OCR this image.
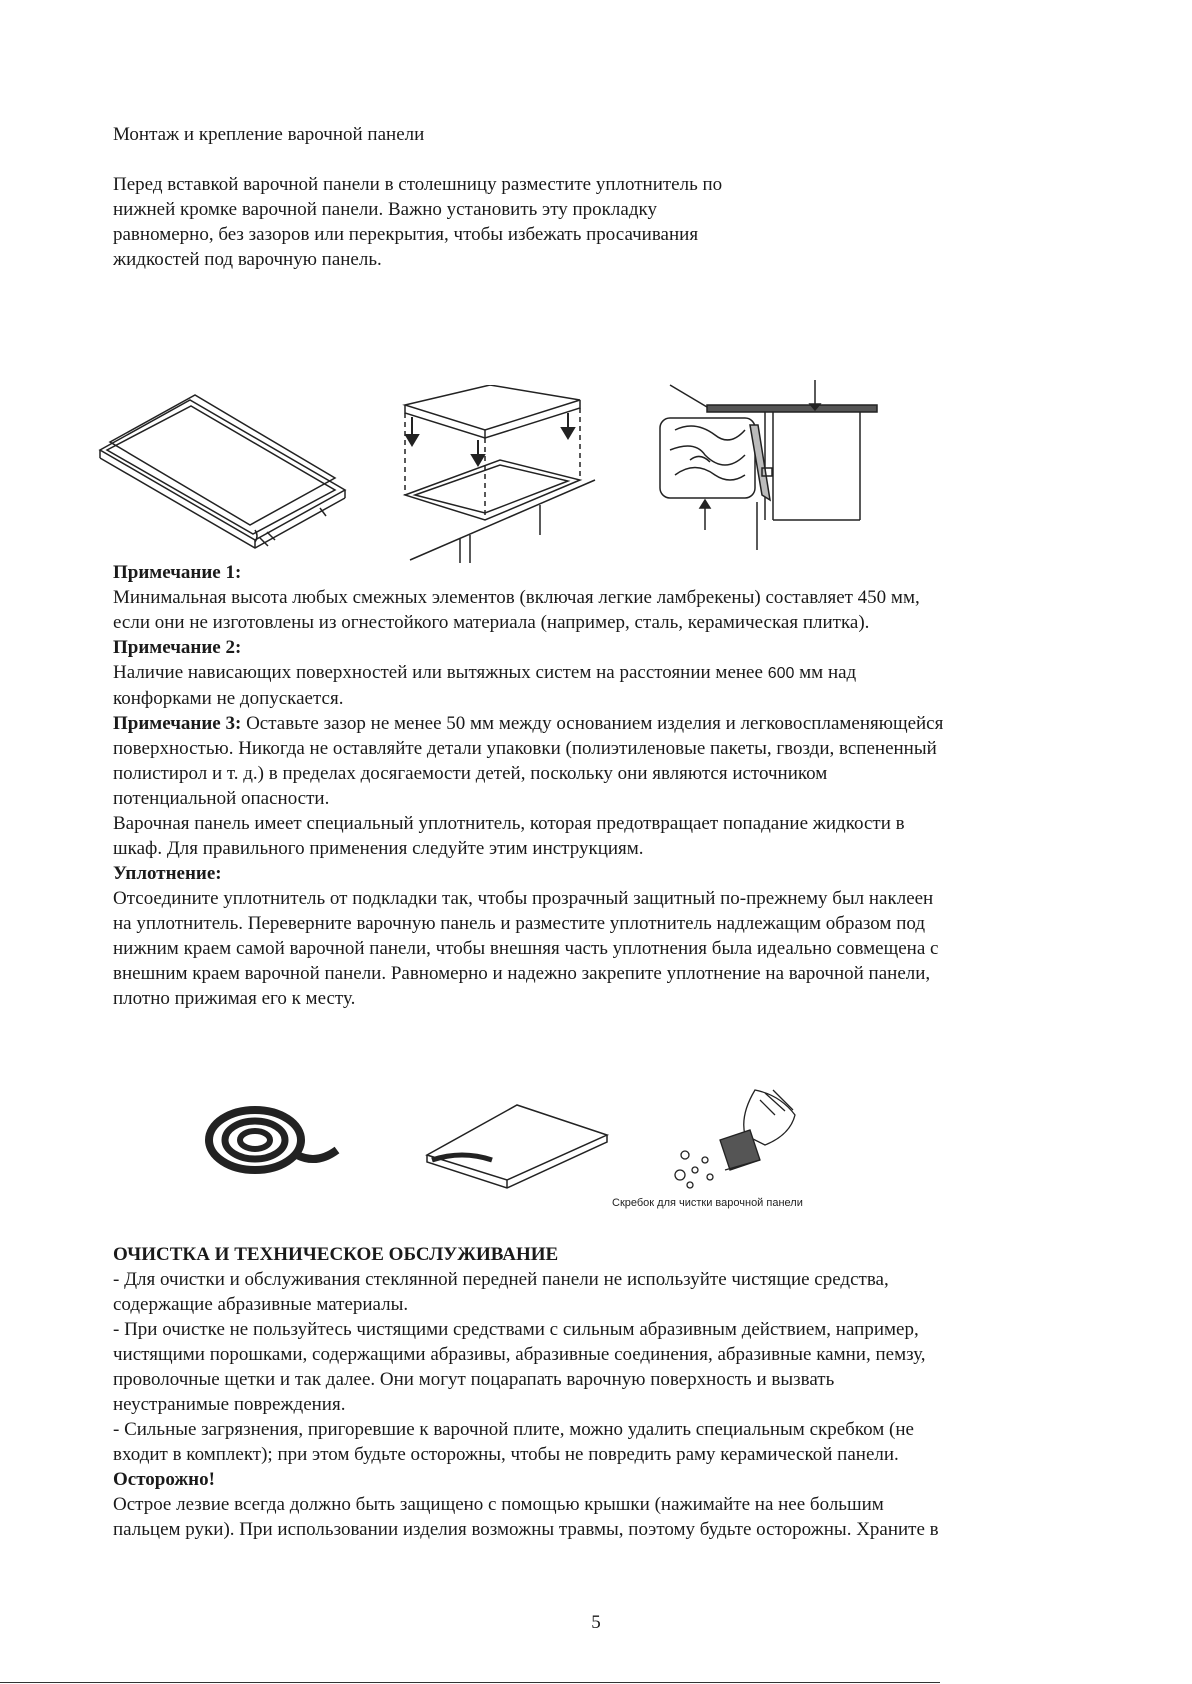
Монтаж и крепление варочной панели

Перед вставкой варочной панели в столешницу разместите уплотнитель по

нижней кромке варочной панели. Важно установить эту прокладку

равномерно, без зазоров или перекрытия, чтобы избежать просачивания

жидкостей под варочную панель.

Примечание 1:

Минимальная высота любых смежных элементов (включая легкие ламбрекены) составляет 450 мм,

если они не изготовлены из огнестойкого материала (например, сталь, керамическая плитка).

Примечание 2:

Наличие нависающих поверхностей или вытяжных систем на расстоянии менее 600 мм над

конфорками не допускается.

Примечание 3: Оставьте зазор не менее 50 мм между основанием изделия и легковоспламеняющейся

поверхностью. Никогда не оставляйте детали упаковки (полиэтиленовые пакеты, гвозди, вспененный

полистирол и т. д.) в пределах досягаемости детей, поскольку они являются источником

потенциальной опасности.

Варочная панель имеет специальный уплотнитель, которая предотвращает попадание жидкости в

шкаф. Для правильного применения следуйте этим инструкциям.

Уплотнение:

Отсоедините уплотнитель от подкладки так, чтобы прозрачный защитный по-прежнему был наклеен

на уплотнитель. Переверните варочную панель и разместите уплотнитель надлежащим образом под

нижним краем самой варочной панели, чтобы внешняя часть уплотнения была идеально совмещена с

внешним краем варочной панели. Равномерно и надежно закрепите уплотнение на варочной панели,

плотно прижимая его к месту.

Скребок для чистки варочной панели

ОЧИСТКА И ТЕХНИЧЕСКОЕ ОБСЛУЖИВАНИЕ

- Для очистки и обслуживания стеклянной передней панели не используйте чистящие средства,

содержащие абразивные материалы.

- При очистке не пользуйтесь чистящими средствами с сильным абразивным действием, например,

чистящими порошками, содержащими абразивы, абразивные соединения, абразивные камни, пемзу,

проволочные щетки и так далее. Они могут поцарапать варочную поверхность и вызвать

неустранимые повреждения.

- Сильные загрязнения, пригоревшие к варочной плите, можно удалить специальным скребком (не

входит в комплект); при этом будьте осторожны, чтобы не повредить раму керамической панели.

Осторожно!

Острое лезвие всегда должно быть защищено с помощью крышки (нажимайте на нее большим

пальцем руки). При использовании изделия возможны травмы, поэтому будьте осторожны. Храните в

5
